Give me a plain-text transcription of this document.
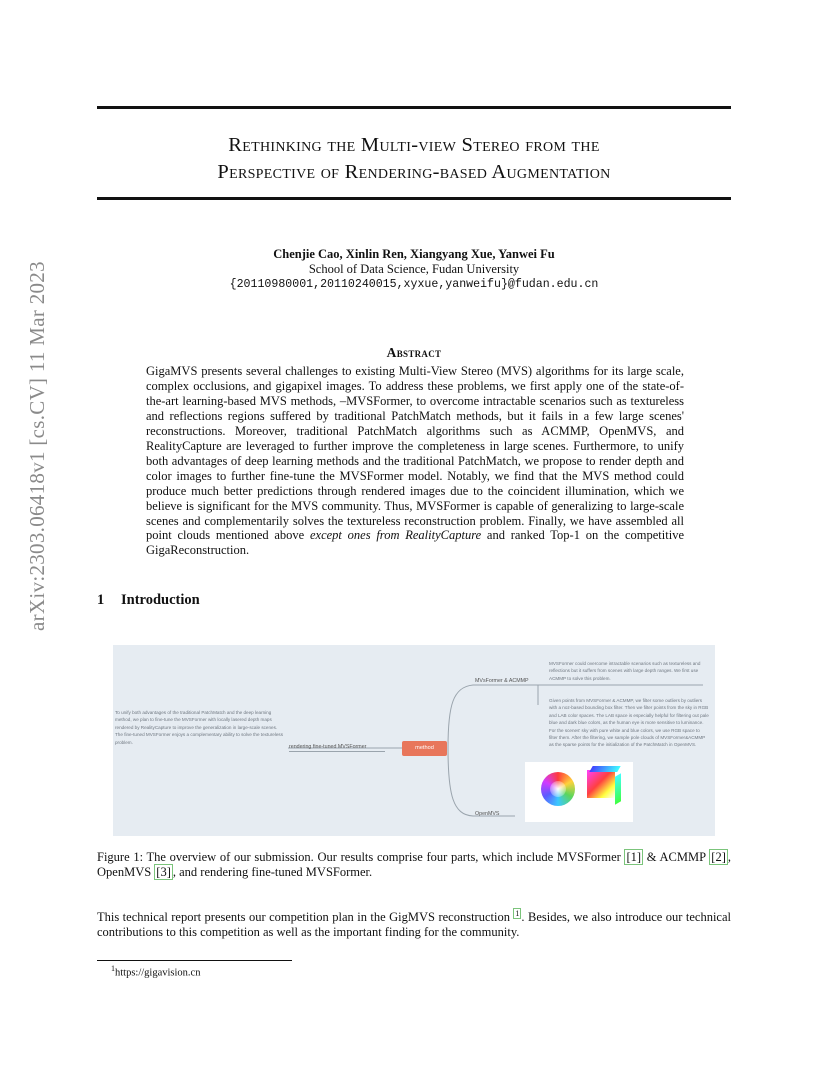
arXiv:2303.06418v1 [cs.CV] 11 Mar 2023
Rethinking the Multi-view Stereo from the
Perspective of Rendering-based Augmentation
Chenjie Cao, Xinlin Ren, Xiangyang Xue, Yanwei Fu
School of Data Science, Fudan University
{20110980001,20110240015,xyxue,yanweifu}@fudan.edu.cn
Abstract
GigaMVS presents several challenges to existing Multi-View Stereo (MVS) algorithms for its large scale, complex occlusions, and gigapixel images. To address these problems, we first apply one of the state-of-the-art learning-based MVS methods, –MVSFormer, to overcome intractable scenarios such as textureless and reflections regions suffered by traditional PatchMatch methods, but it fails in a few large scenes' reconstructions. Moreover, traditional PatchMatch algorithms such as ACMMP, OpenMVS, and RealityCapture are leveraged to further improve the completeness in large scenes. Furthermore, to unify both advantages of deep learning methods and the traditional PatchMatch, we propose to render depth and color images to further fine-tune the MVSFormer model. Notably, we find that the MVS method could produce much better predictions through rendered images due to the coincident illumination, which we believe is significant for the MVS community. Thus, MVSFormer is capable of generalizing to large-scale scenes and complementarily solves the textureless reconstruction problem. Finally, we have assembled all point clouds mentioned above except ones from RealityCapture and ranked Top-1 on the competitive GigaReconstruction.
1 Introduction
To unify both advantages of the traditional PatchMatch and the deep learning method, we plan to fine-tune the MVSFormer with locally lasered depth maps rendered by RealityCapture to improve the generalization in large-scale scenes. The fine-tuned MVSFormer enjoys a complementary ability to solve the textureless problem.
rendering fine-tuned MVSFormer	method
MVsFormer & ACMMP
MVSFormer could overcome intractable scenarios such as textureless and reflections but it suffers from scenes with large depth ranges. We first use ACMMP to solve this problem.
Given points from MVSFormer & ACMMP, we filter some outliers by outliers with a noz-based bounding box filter. Then we filter points from the sky in RGB and LAB color spaces. The LAB space is especially helpful for filtering out pale blue and dark blue colors, as the human eye is more sensitive to luminance. For the scenes' sky with pure white and blue colors, we use RGB space to filter them. After the filtering, we sample pole clouds of MVSFormer&ACMMP as the sparse points for the initialization of the PatchMatch in OpenMVS.
OpenMVS
Figure 1: The overview of our submission. Our results comprise four parts, which include MVSFormer [1] & ACMMP [2] , OpenMVS [3] , and rendering fine-tuned MVSFormer.
This technical report presents our competition plan in the GigMVS reconstruction $^1$ . Besides, we also introduce our technical contributions to this competition as well as the important finding for the community.
$^1$https://gigavision.cn
